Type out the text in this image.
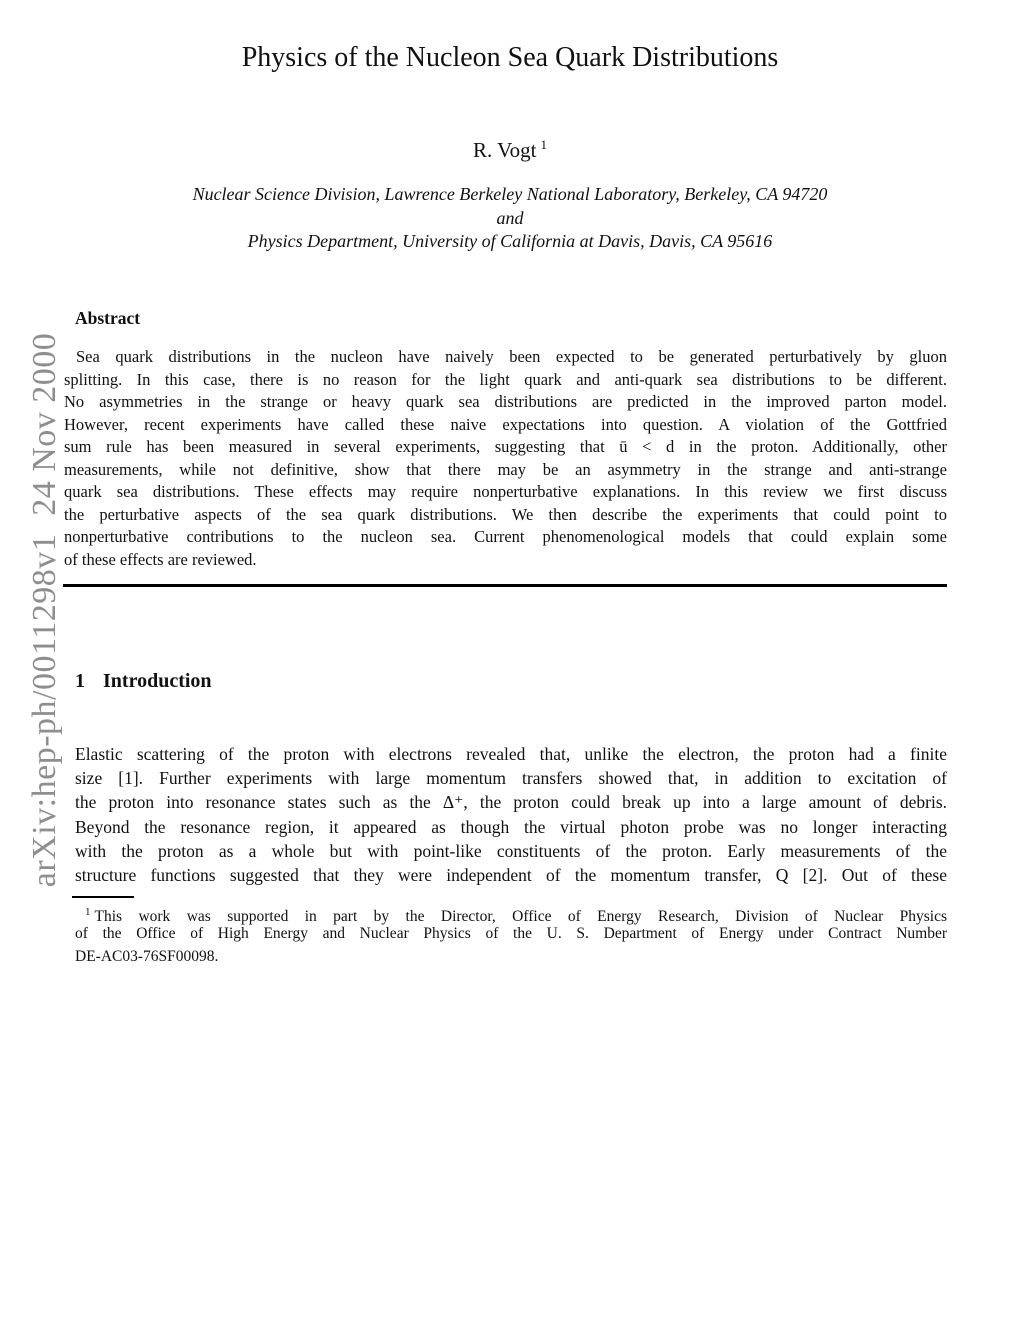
arXiv:hep-ph/0011298v1  24 Nov 2000
Physics of the Nucleon Sea Quark Distributions
R. Vogt $^1$
Nuclear Science Division, Lawrence Berkeley National Laboratory, Berkeley, CA 94720
and
Physics Department, University of California at Davis, Davis, CA 95616
Abstract
Sea quark distributions in the nucleon have naively been expected to be generated perturbatively by gluon
splitting. In this case, there is no reason for the light quark and anti-quark sea distributions to be different.
No asymmetries in the strange or heavy quark sea distributions are predicted in the improved parton model.
However, recent experiments have called these naive expectations into question. A violation of the Gottfried
sum rule has been measured in several experiments, suggesting that ū < d in the proton. Additionally, other
measurements, while not definitive, show that there may be an asymmetry in the strange and anti-strange
quark sea distributions. These effects may require nonperturbative explanations. In this review we first discuss
the perturbative aspects of the sea quark distributions. We then describe the experiments that could point to
nonperturbative contributions to the nucleon sea. Current phenomenological models that could explain some
of these effects are reviewed.
1 Introduction
Elastic scattering of the proton with electrons revealed that, unlike the electron, the proton had a finite
size [1]. Further experiments with large momentum transfers showed that, in addition to excitation of
the proton into resonance states such as the Δ⁺, the proton could break up into a large amount of debris.
Beyond the resonance region, it appeared as though the virtual photon probe was no longer interacting
with the proton as a whole but with point-like constituents of the proton. Early measurements of the
structure functions suggested that they were independent of the momentum transfer, Q [2]. Out of these
$^1$ This work was supported in part by the Director, Office of Energy Research, Division of Nuclear Physics
of the Office of High Energy and Nuclear Physics of the U. S. Department of Energy under Contract Number
DE-AC03-76SF00098.
